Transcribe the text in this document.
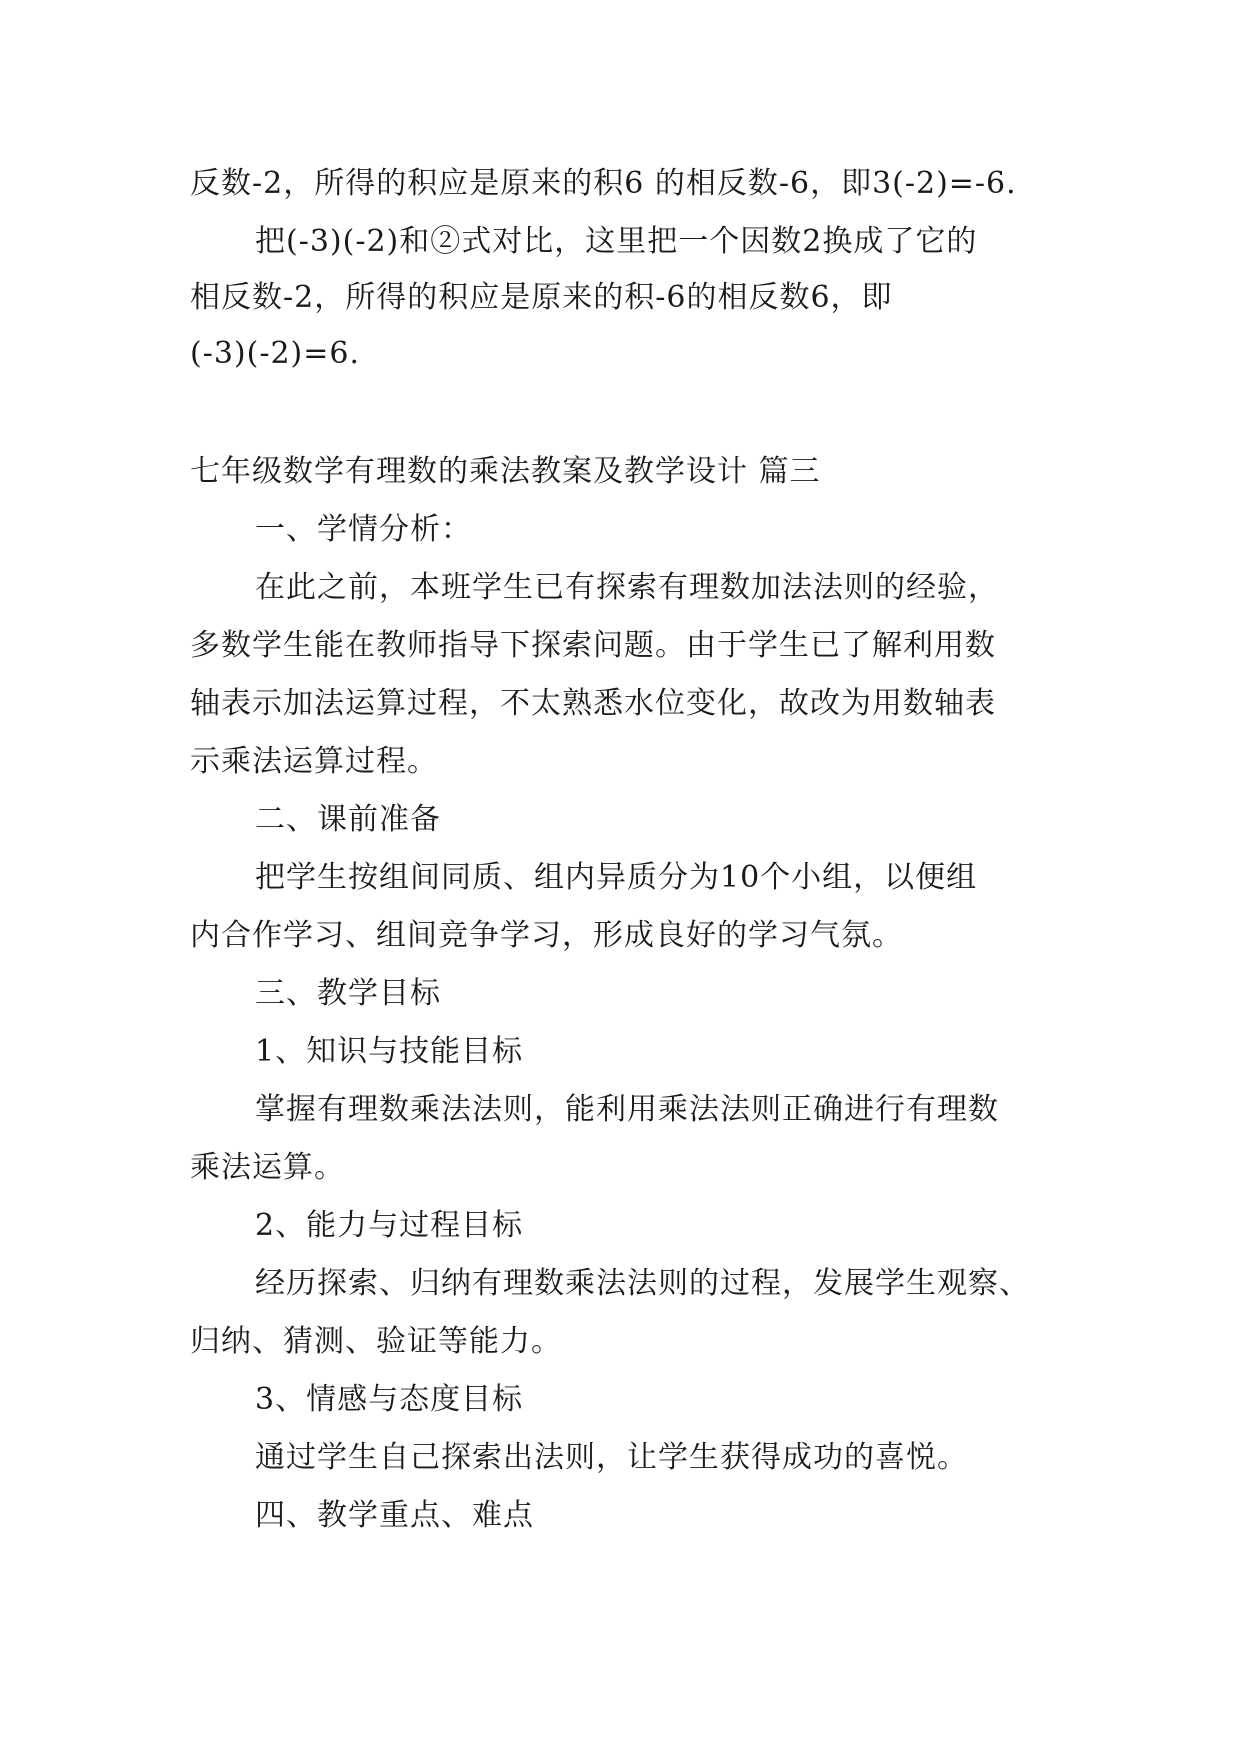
反数-2，所得的积应是原来的积6 的相反数-6，即3(-2)=-6.
把(-3)(-2)和②式对比，这里把一个因数2换成了它的
相反数-2，所得的积应是原来的积-6的相反数6，即
(-3)(-2)=6.
七年级数学有理数的乘法教案及教学设计 篇三
一、学情分析：
在此之前，本班学生已有探索有理数加法法则的经验，
多数学生能在教师指导下探索问题。由于学生已了解利用数
轴表示加法运算过程，不太熟悉水位变化，故改为用数轴表
示乘法运算过程。
二、课前准备
把学生按组间同质、组内异质分为10个小组，以便组
内合作学习、组间竞争学习，形成良好的学习气氛。
三、教学目标
1、知识与技能目标
掌握有理数乘法法则，能利用乘法法则正确进行有理数
乘法运算。
2、能力与过程目标
经历探索、归纳有理数乘法法则的过程，发展学生观察、
归纳、猜测、验证等能力。
3、情感与态度目标
通过学生自己探索出法则，让学生获得成功的喜悦。
四、教学重点、难点
